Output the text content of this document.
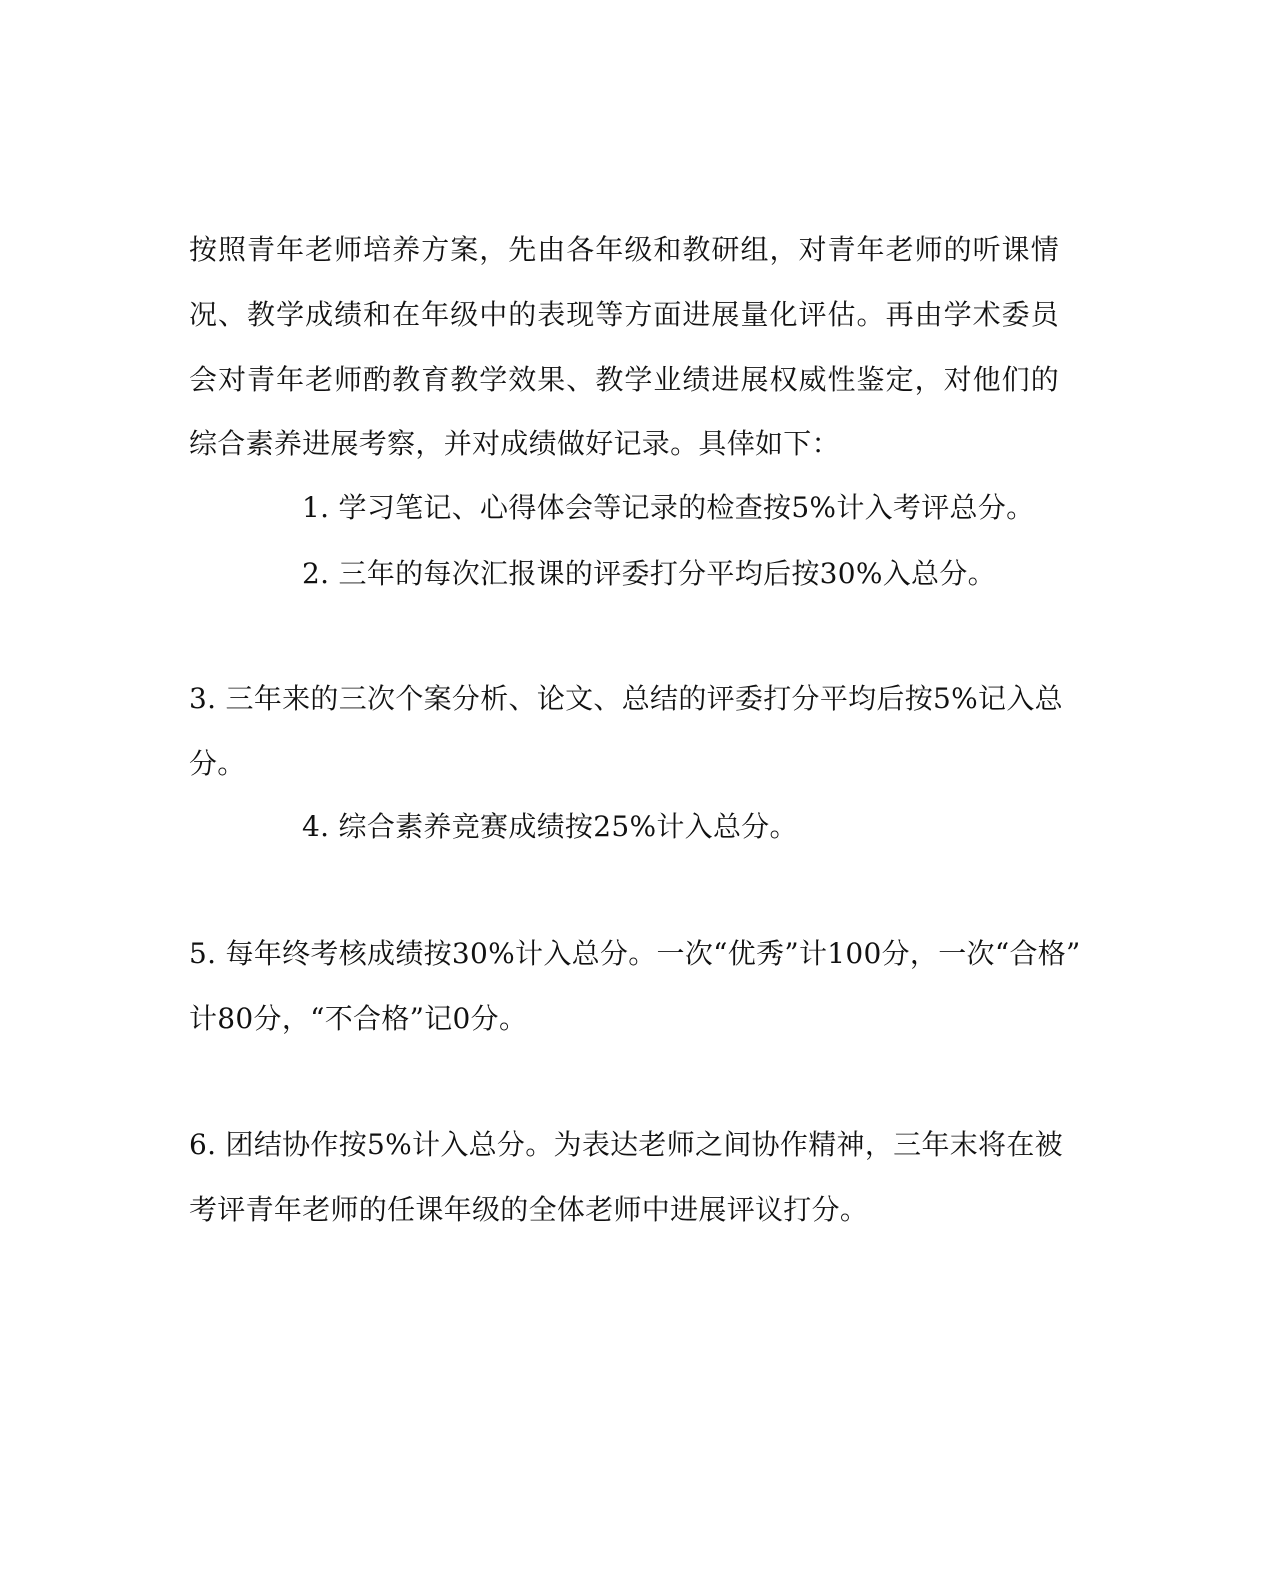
按照青年老师培养方案，先由各年级和教研组，对青年老师的听课情
况、教学成绩和在年级中的表现等方面进展量化评估。再由学术委员
会对青年老师酌教育教学效果、教学业绩进展权威性鉴定，对他们的
综合素养进展考察，并对成绩做好记录。具倖如下：
1. 学习笔记、心得体会等记录的检查按5%计入考评总分。
2. 三年的每次汇报课的评委打分平均后按30%入总分。
3. 三年来的三次个案分析、论文、总结的评委打分平均后按5%记入总
分。
4. 综合素养竞赛成绩按25%计入总分。
5. 每年终考核成绩按30%计入总分。一次“优秀”计100分，一次“合格”
计80分，“不合格”记0分。
6. 团结协作按5%计入总分。为表达老师之间协作精神，三年末将在被
考评青年老师的任课年级的全体老师中进展评议打分。
